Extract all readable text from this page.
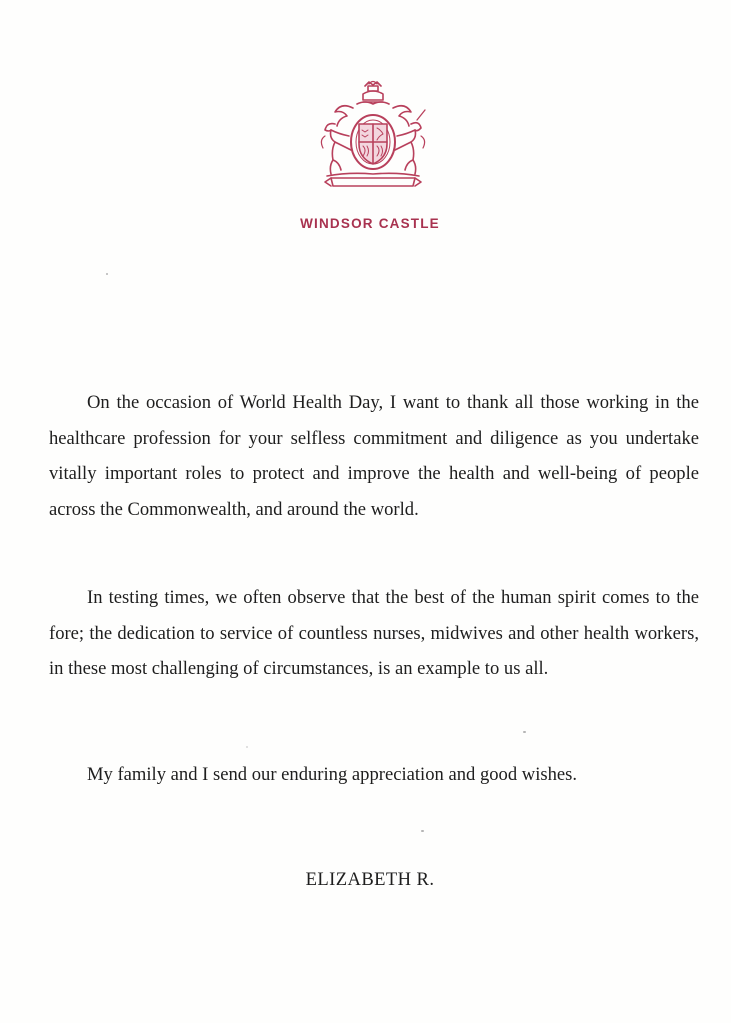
WINDSOR CASTLE

On the occasion of World Health Day, I want to thank all those working in the healthcare profession for your selfless commitment and diligence as you undertake vitally important roles to protect and improve the health and well-being of people across the Commonwealth, and around the world.

In testing times, we often observe that the best of the human spirit comes to the fore; the dedication to service of countless nurses, midwives and other health workers, in these most challenging of circumstances, is an example to us all.

My family and I send our enduring appreciation and good wishes.

ELIZABETH R.
